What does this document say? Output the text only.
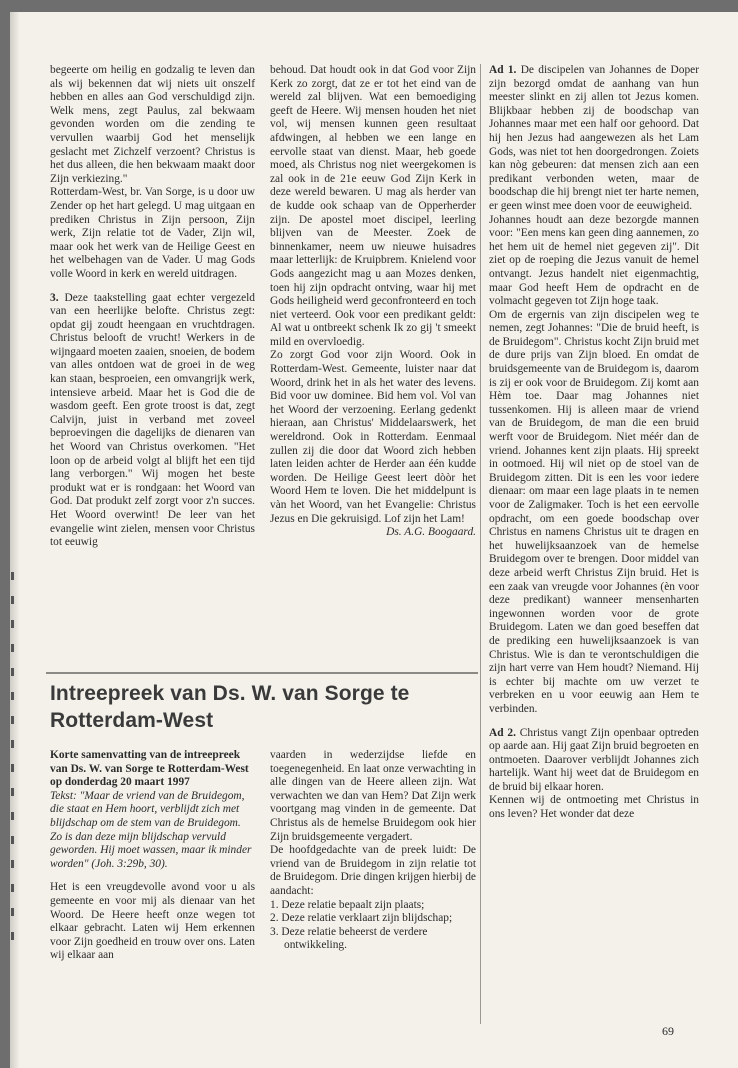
begeerte om heilig en godzalig te leven dan als wij bekennen dat wij niets uit onszelf hebben en alles aan God verschuldigd zijn. Welk mens, zegt Paulus, zal bekwaam gevonden worden om die zending te vervullen waarbij God het menselijk geslacht met Zichzelf verzoent? Christus is het dus alleen, die hen bekwaam maakt door Zijn verkiezing."

Rotterdam-West, br. Van Sorge, is u door uw Zender op het hart gelegd. U mag uitgaan en prediken Christus in Zijn persoon, Zijn werk, Zijn relatie tot de Vader, Zijn wil, maar ook het werk van de Heilige Geest en het welbehagen van de Vader. U mag Gods volle Woord in kerk en wereld uitdragen.

3. Deze taakstelling gaat echter vergezeld van een heerlijke belofte. Christus zegt: opdat gij zoudt heengaan en vruchtdragen. Christus belooft de vrucht! Werkers in de wijngaard moeten zaaien, snoeien, de bodem van alles ontdoen wat de groei in de weg kan staan, besproeien, een omvangrijk werk, intensieve arbeid. Maar het is God die de wasdom geeft. Een grote troost is dat, zegt Calvijn, juist in verband met zoveel beproevingen die dagelijks de dienaren van het Woord van Christus overkomen. "Het loon op de arbeid volgt al blijft het een tijd lang verborgen." Wij mogen het beste produkt wat er is rondgaan: het Woord van God. Dat produkt zelf zorgt voor z'n succes. Het Woord overwint! De leer van het evangelie wint zielen, mensen voor Christus tot eeuwig

behoud. Dat houdt ook in dat God voor Zijn Kerk zo zorgt, dat ze er tot het eind van de wereld zal blijven. Wat een bemoediging geeft de Heere. Wij mensen houden het niet vol, wij mensen kunnen geen resultaat afdwingen, al hebben we een lange en eervolle staat van dienst. Maar, heb goede moed, als Christus nog niet weergekomen is zal ook in de 21e eeuw God Zijn Kerk in deze wereld bewaren. U mag als herder van de kudde ook schaap van de Opperherder zijn. De apostel moet discipel, leerling blijven van de Meester. Zoek de binnenkamer, neem uw nieuwe huisadres maar letterlijk: de Kruipbrem. Knielend voor Gods aangezicht mag u aan Mozes denken, toen hij zijn opdracht ontving, waar hij met Gods heiligheid werd geconfronteerd en toch niet verteerd. Ook voor een predikant geldt: Al wat u ontbreekt schenk Ik zo gij 't smeekt mild en overvloedig.

Zo zorgt God voor zijn Woord. Ook in Rotterdam-West. Gemeente, luister naar dat Woord, drink het in als het water des levens. Bid voor uw dominee. Bid hem vol. Vol van het Woord der verzoening. Eerlang gedenkt hieraan, aan Christus' Middelaarswerk, het wereldrond. Ook in Rotterdam. Eenmaal zullen zij die door dat Woord zich hebben laten leiden achter de Herder aan één kudde worden. De Heilige Geest leert dòòr het Woord Hem te loven. Die het middelpunt is vàn het Woord, van het Evangelie: Christus Jezus en Die gekruisigd. Lof zijn het Lam!

Ds. A.G. Boogaard.

Ad 1. De discipelen van Johannes de Doper zijn bezorgd omdat de aanhang van hun meester slinkt en zij allen tot Jezus komen. Blijkbaar hebben zij de boodschap van Johannes maar met een half oor gehoord. Dat hij hen Jezus had aangewezen als het Lam Gods, was niet tot hen doorgedrongen. Zoiets kan nòg gebeuren: dat mensen zich aan een predikant verbonden weten, maar de boodschap die hij brengt niet ter harte nemen, er geen winst mee doen voor de eeuwigheid.

Johannes houdt aan deze bezorgde mannen voor: "Een mens kan geen ding aannemen, zo het hem uit de hemel niet gegeven zij". Dit ziet op de roeping die Jezus vanuit de hemel ontvangt. Jezus handelt niet eigenmachtig, maar God heeft Hem de opdracht en de volmacht gegeven tot Zijn hoge taak.

Om de ergernis van zijn discipelen weg te nemen, zegt Johannes: "Die de bruid heeft, is de Bruidegom". Christus kocht Zijn bruid met de dure prijs van Zijn bloed. En omdat de bruidsgemeente van de Bruidegom is, daarom is zij er ook voor de Bruidegom. Zij komt aan Hèm toe. Daar mag Johannes niet tussenkomen. Hij is alleen maar de vriend van de Bruidegom, de man die een bruid werft voor de Bruidegom. Niet méér dan de vriend. Johannes kent zijn plaats. Hij spreekt in ootmoed. Hij wil niet op de stoel van de Bruidegom zitten. Dit is een les voor iedere dienaar: om maar een lage plaats in te nemen voor de Zaligmaker. Toch is het een eervolle opdracht, om een goede boodschap over Christus en namens Christus uit te dragen en het huwelijksaanzoek van de hemelse Bruidegom over te brengen. Door middel van deze arbeid werft Christus Zijn bruid. Het is een zaak van vreugde voor Johannes (èn voor deze predikant) wanneer mensenharten ingewonnen worden voor de grote Bruidegom. Laten we dan goed beseffen dat de prediking een huwelijksaanzoek is van Christus. Wie is dan te verontschuldigen die zijn hart verre van Hem houdt? Niemand. Hij is echter bij machte om uw verzet te verbreken en u voor eeuwig aan Hem te verbinden.

Ad 2. Christus vangt Zijn openbaar optreden op aarde aan. Hij gaat Zijn bruid begroeten en ontmoeten. Daarover verblijdt Johannes zich hartelijk. Want hij weet dat de Bruidegom en de bruid bij elkaar horen.

Kennen wij de ontmoeting met Christus in ons leven? Het wonder dat deze

Intreepreek van Ds. W. van Sorge te Rotterdam-West

Korte samenvatting van de intreepreek van Ds. W. van Sorge te Rotterdam-West op donderdag 20 maart 1997

Tekst: "Maar de vriend van de Bruidegom, die staat en Hem hoort, verblijdt zich met blijdschap om de stem van de Bruidegom. Zo is dan deze mijn blijdschap vervuld geworden. Hij moet wassen, maar ik minder worden" (Joh. 3:29b, 30).

Het is een vreugdevolle avond voor u als gemeente en voor mij als dienaar van het Woord. De Heere heeft onze wegen tot elkaar gebracht. Laten wij Hem erkennen voor Zijn goedheid en trouw over ons. Laten wij elkaar aan

vaarden in wederzijdse liefde en toegenegenheid. En laat onze verwachting in alle dingen van de Heere alleen zijn. Wat verwachten we dan van Hem? Dat Zijn werk voortgang mag vinden in de gemeente. Dat Christus als de hemelse Bruidegom ook hier Zijn bruidsgemeente vergadert.

De hoofdgedachte van de preek luidt: De vriend van de Bruidegom in zijn relatie tot de Bruidegom. Drie dingen krijgen hierbij de aandacht:

1. Deze relatie bepaalt zijn plaats;
2. Deze relatie verklaart zijn blijdschap;
3. Deze relatie beheerst de verdere ontwikkeling.
69
